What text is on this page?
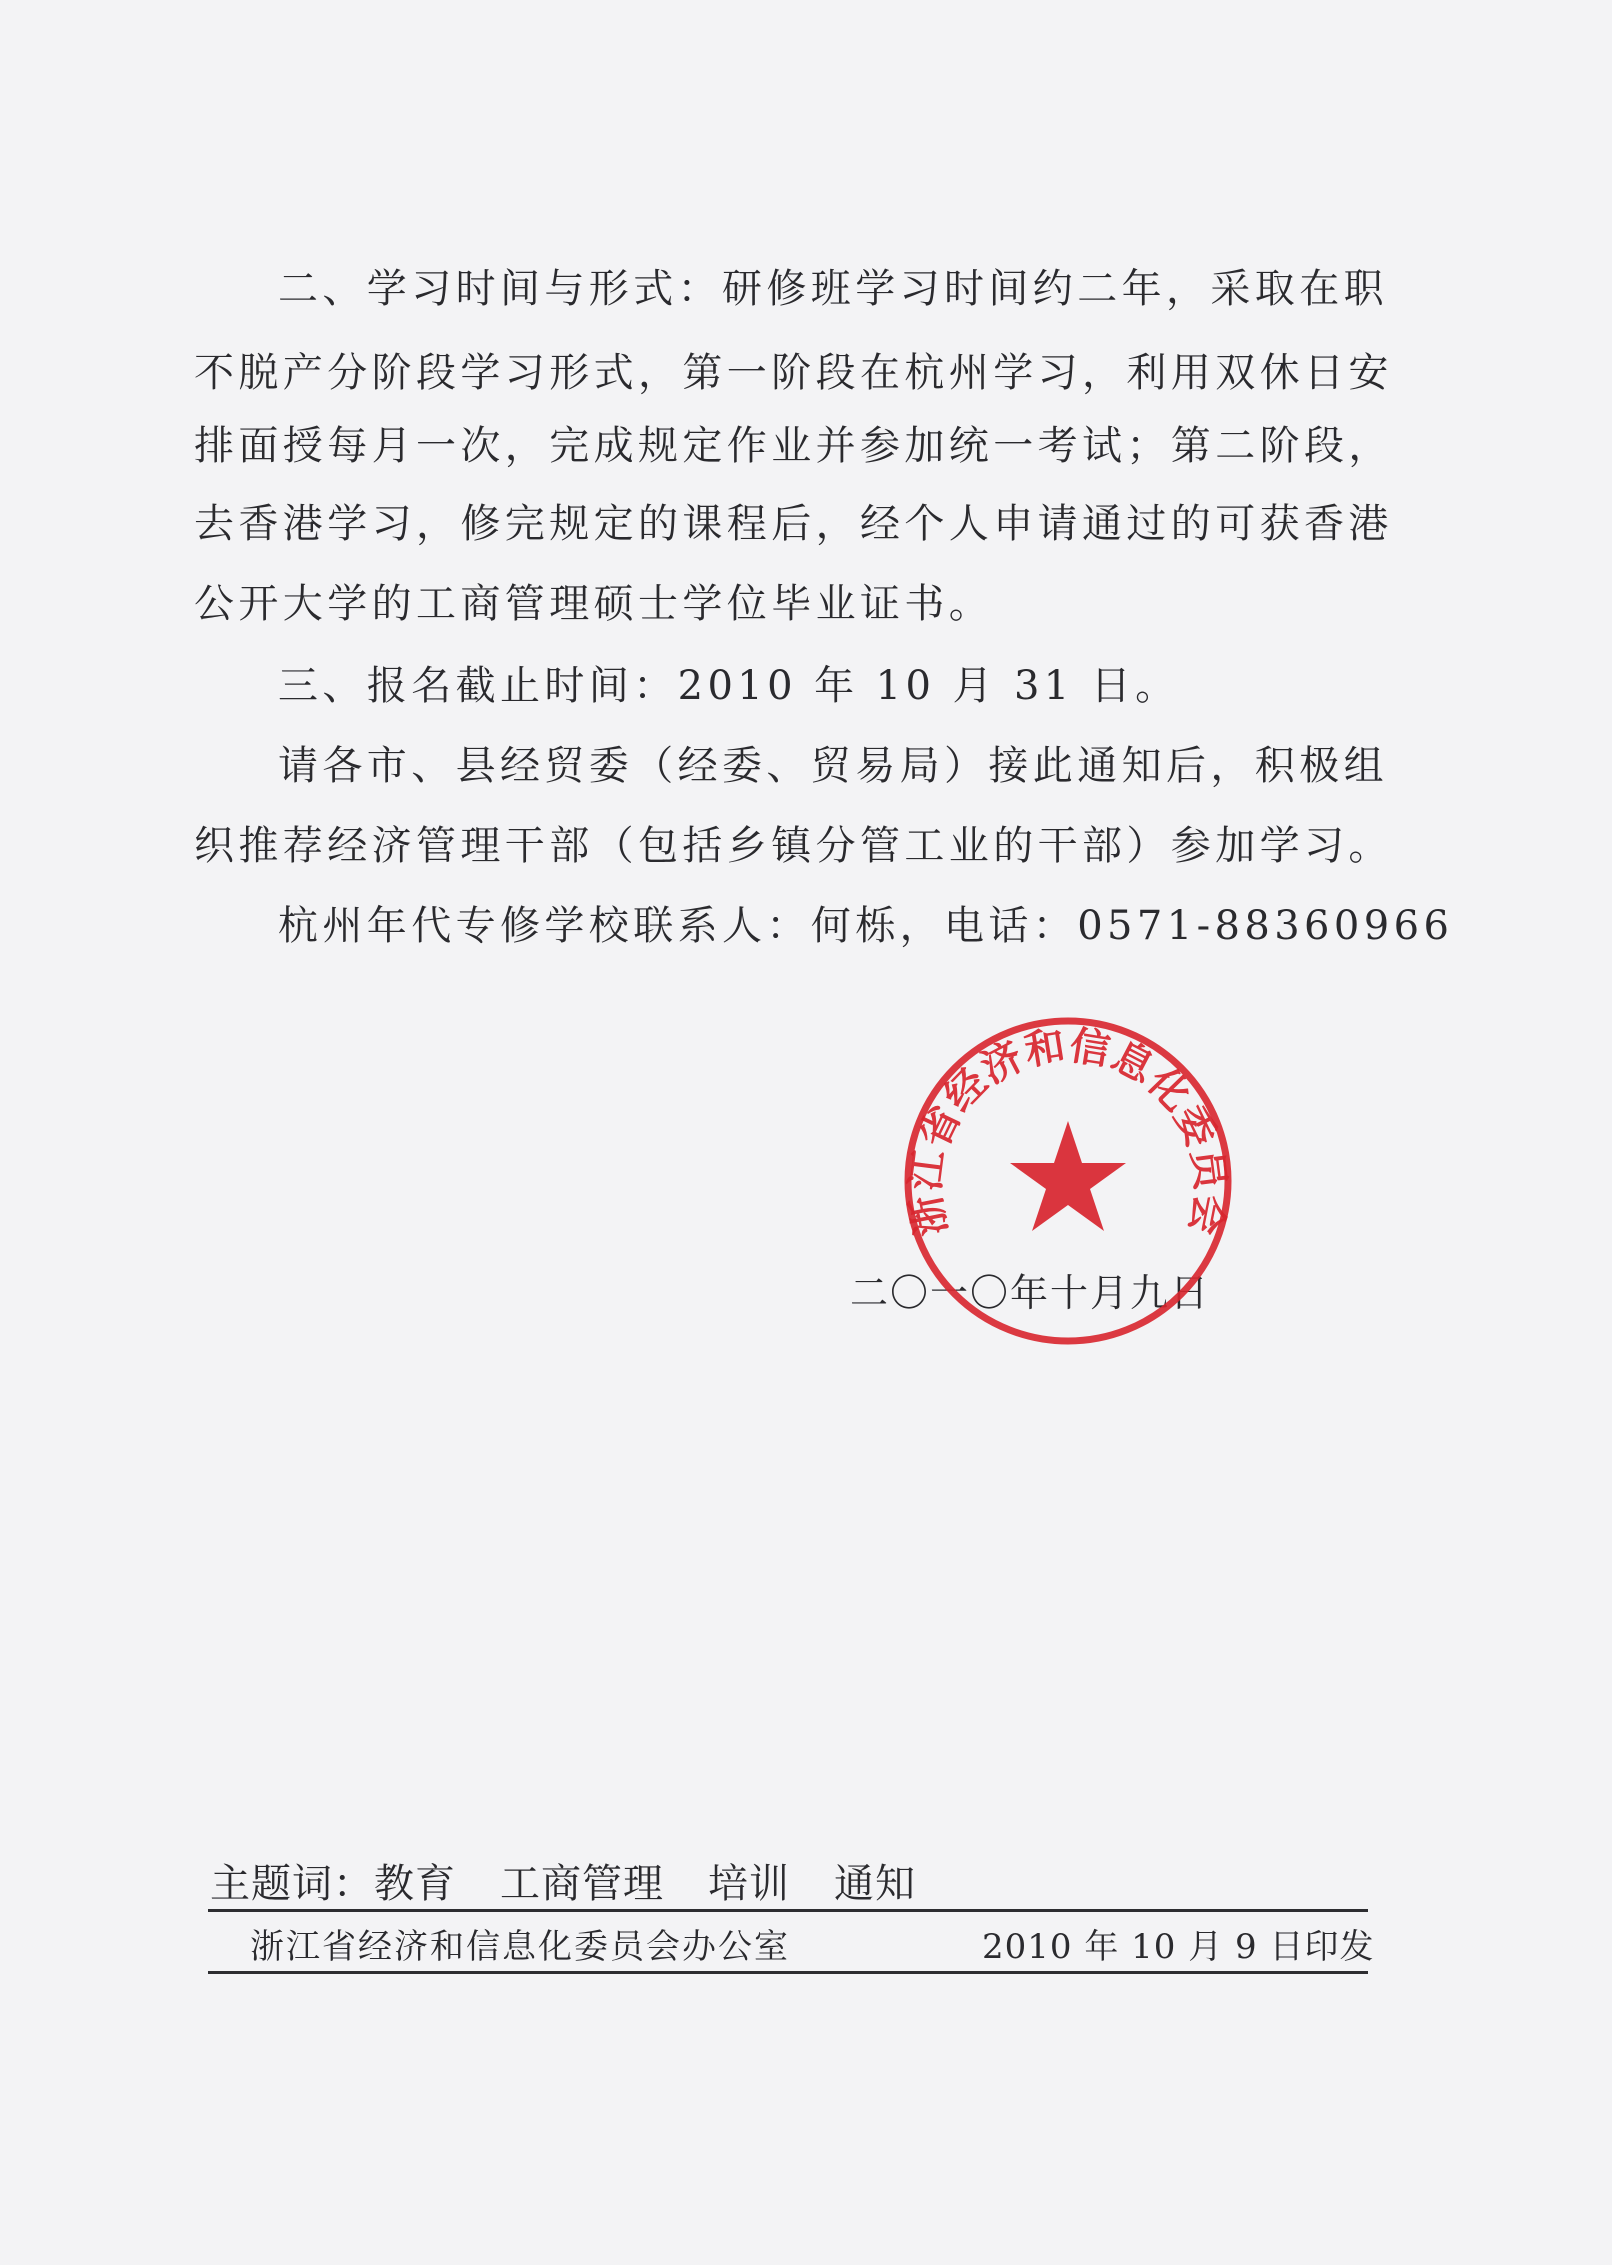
二、学习时间与形式：研修班学习时间约二年，采取在职
不脱产分阶段学习形式，第一阶段在杭州学习，利用双休日安
排面授每月一次，完成规定作业并参加统一考试；第二阶段，
去香港学习，修完规定的课程后，经个人申请通过的可获香港
公开大学的工商管理硕士学位毕业证书。
三、报名截止时间：2010 年 10 月 31 日。
请各市、县经贸委（经委、贸易局）接此通知后，积极组
织推荐经济管理干部（包括乡镇分管工业的干部）参加学习。
杭州年代专修学校联系人：何栎，电话：0571-88360966
二〇一〇年十月九日
浙江省经济和信息化委员会
主题词：教育 工商管理 培训 通知
浙江省经济和信息化委员会办公室	2010 年 10 月 9 日印发
